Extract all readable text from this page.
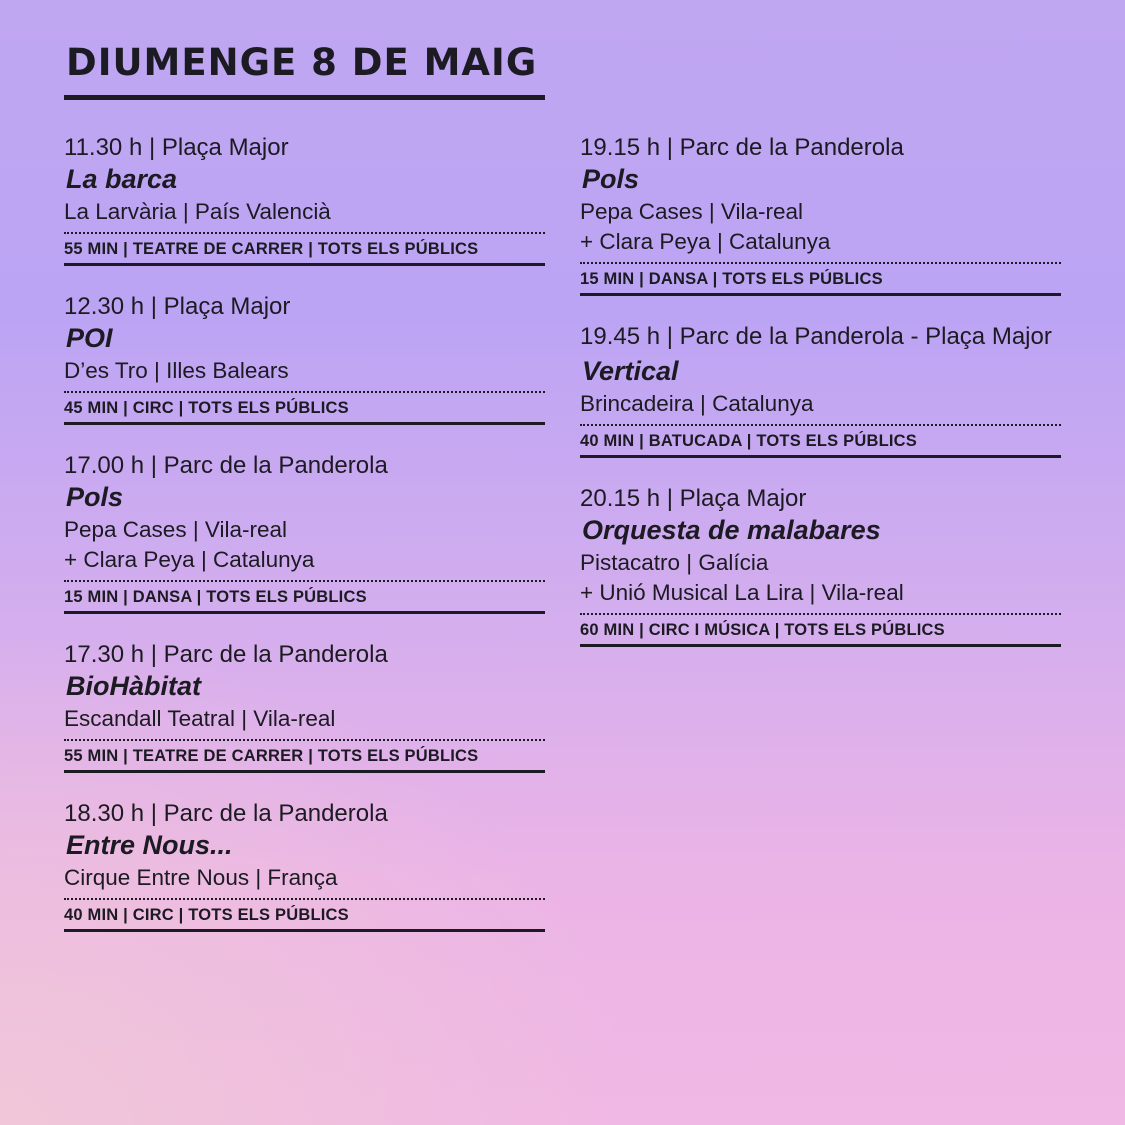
DIUMENGE 8 DE MAIG
11.30 h | Plaça Major
La barca
La Larvària | País Valencià
55 MIN | TEATRE DE CARRER | TOTS ELS PÚBLICS
12.30 h | Plaça Major
POI
D’es Tro | Illes Balears
45 MIN | CIRC | TOTS ELS PÚBLICS
17.00 h | Parc de la Panderola
Pols
Pepa Cases | Vila-real
+ Clara Peya | Catalunya
15 MIN | DANSA | TOTS ELS PÚBLICS
17.30 h | Parc de la Panderola
BioHàbitat
Escandall Teatral | Vila-real
55 MIN | TEATRE DE CARRER | TOTS ELS PÚBLICS
18.30 h | Parc de la Panderola
Entre Nous...
Cirque Entre Nous | França
40 MIN | CIRC | TOTS ELS PÚBLICS
19.15 h | Parc de la Panderola
Pols
Pepa Cases | Vila-real
+ Clara Peya | Catalunya
15 MIN | DANSA | TOTS ELS PÚBLICS
19.45 h | Parc de la Panderola - Plaça Major
Vertical
Brincadeira | Catalunya
40 MIN | BATUCADA | TOTS ELS PÚBLICS
20.15 h | Plaça Major
Orquesta de malabares
Pistacatro | Galícia
+ Unió Musical La Lira | Vila-real
60 MIN | CIRC I MÚSICA | TOTS ELS PÚBLICS
